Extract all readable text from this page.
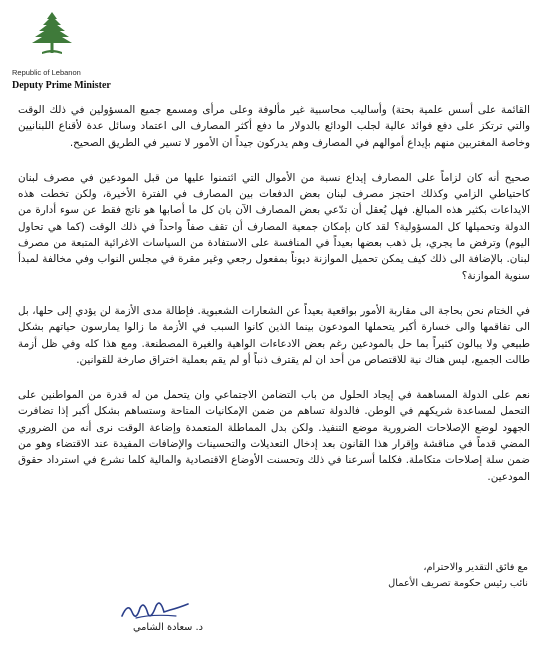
Republic of Lebanon
Deputy Prime Minister

القائمة على أسس علمية بحتة) وأساليب محاسبية غير مألوفة وعلى مرأى ومسمع جميع المسؤولين في ذلك الوقت والتي ترتكز على دفع فوائد عالية لجلب الودائع بالدولار ما دفع أكثر المصارف الى اعتماد وسائل عدة لأقناع اللبنانيين وخاصة المغتربين منهم بإيداع أموالهم في المصارف وهم يدركون جيداً ان الأمور لا تسير في الطريق الصحيح.

صحيح أنه كان لزاماً على المصارف إيداع نسبة من الأموال التي ائتمنوا عليها من قبل المودعين في مصرف لبنان كاحتياطي الزامي وكذلك احتجز مصرف لبنان بعض الدفعات بين المصارف في الفترة الأخيرة، ولكن تخطت هذه الايداعات بكثير هذه المبالغ. فهل يُعقل أن تدّعي بعض المصارف الآن بان كل ما أصابها هو ناتج فقط عن سوء أدارة من الدولة وتحميلها كل المسؤولية؟ لقد كان بإمكان جمعية المصارف أن تقف صفاً واحداً في ذلك الوقت (كما هي تحاول اليوم) وترفض ما يجري، بل ذهب بعضها بعيداً في المنافسة على الاستفادة من السياسات الاغرائية المتبعة من مصرف لبنان. بالإضافة الى ذلك كيف يمكن تحميل الموازنة ديوناً بمفعول رجعي وغير مقرة في مجلس النواب وفي مخالفة لمبدأ سنوية الموازنة؟

في الختام نحن بحاجة الى مقاربة الأمور بواقعية بعيداً عن الشعارات الشعبوية. فإطالة مدى الأزمة لن يؤدي إلى حلها، بل الى تفاقمها والى خسارة أكبر يتحملها المودعون بينما الذين كانوا السبب في الأزمة ما زالوا يمارسون حياتهم بشكل طبيعي ولا يبالون كثيراً بما حل بالمودعين رغم بعض الادعاءات الواهية والغيرة المصطنعة. ومع هذا كله وفي ظل أزمة طالت الجميع، ليس هناك نية للاقتصاص من أحد ان لم يقترف ذنباً أو لم يقم بعملية اختراق صارخة للقوانين.

نعم على الدولة المساهمة في إيجاد الحلول من باب التضامن الاجتماعي وان يتحمل من له قدرة من المواطنين على التحمل لمساعدة شريكهم في الوطن. فالدولة تساهم من ضمن الإمكانيات المتاحة وستساهم بشكل أكبر إذا تضافرت الجهود لوضع الإصلاحات الضرورية موضع التنفيذ. ولكن بدل المماطلة المتعمدة وإضاعة الوقت نرى أنه من الضروري المضي قدماً في مناقشة وإقرار هذا القانون بعد إدخال التعديلات والتحسينات والإضافات المفيدة عند الاقتضاء وهو من ضمن سلة إصلاحات متكاملة. فكلما أسرعنا في ذلك وتحسنت الأوضاع الاقتصادية والمالية كلما نشرع في استرداد حقوق المودعين.

مع فائق التقدير والاحترام،
نائب رئيس حكومة تصريف الأعمال
د. سعادة الشامي
